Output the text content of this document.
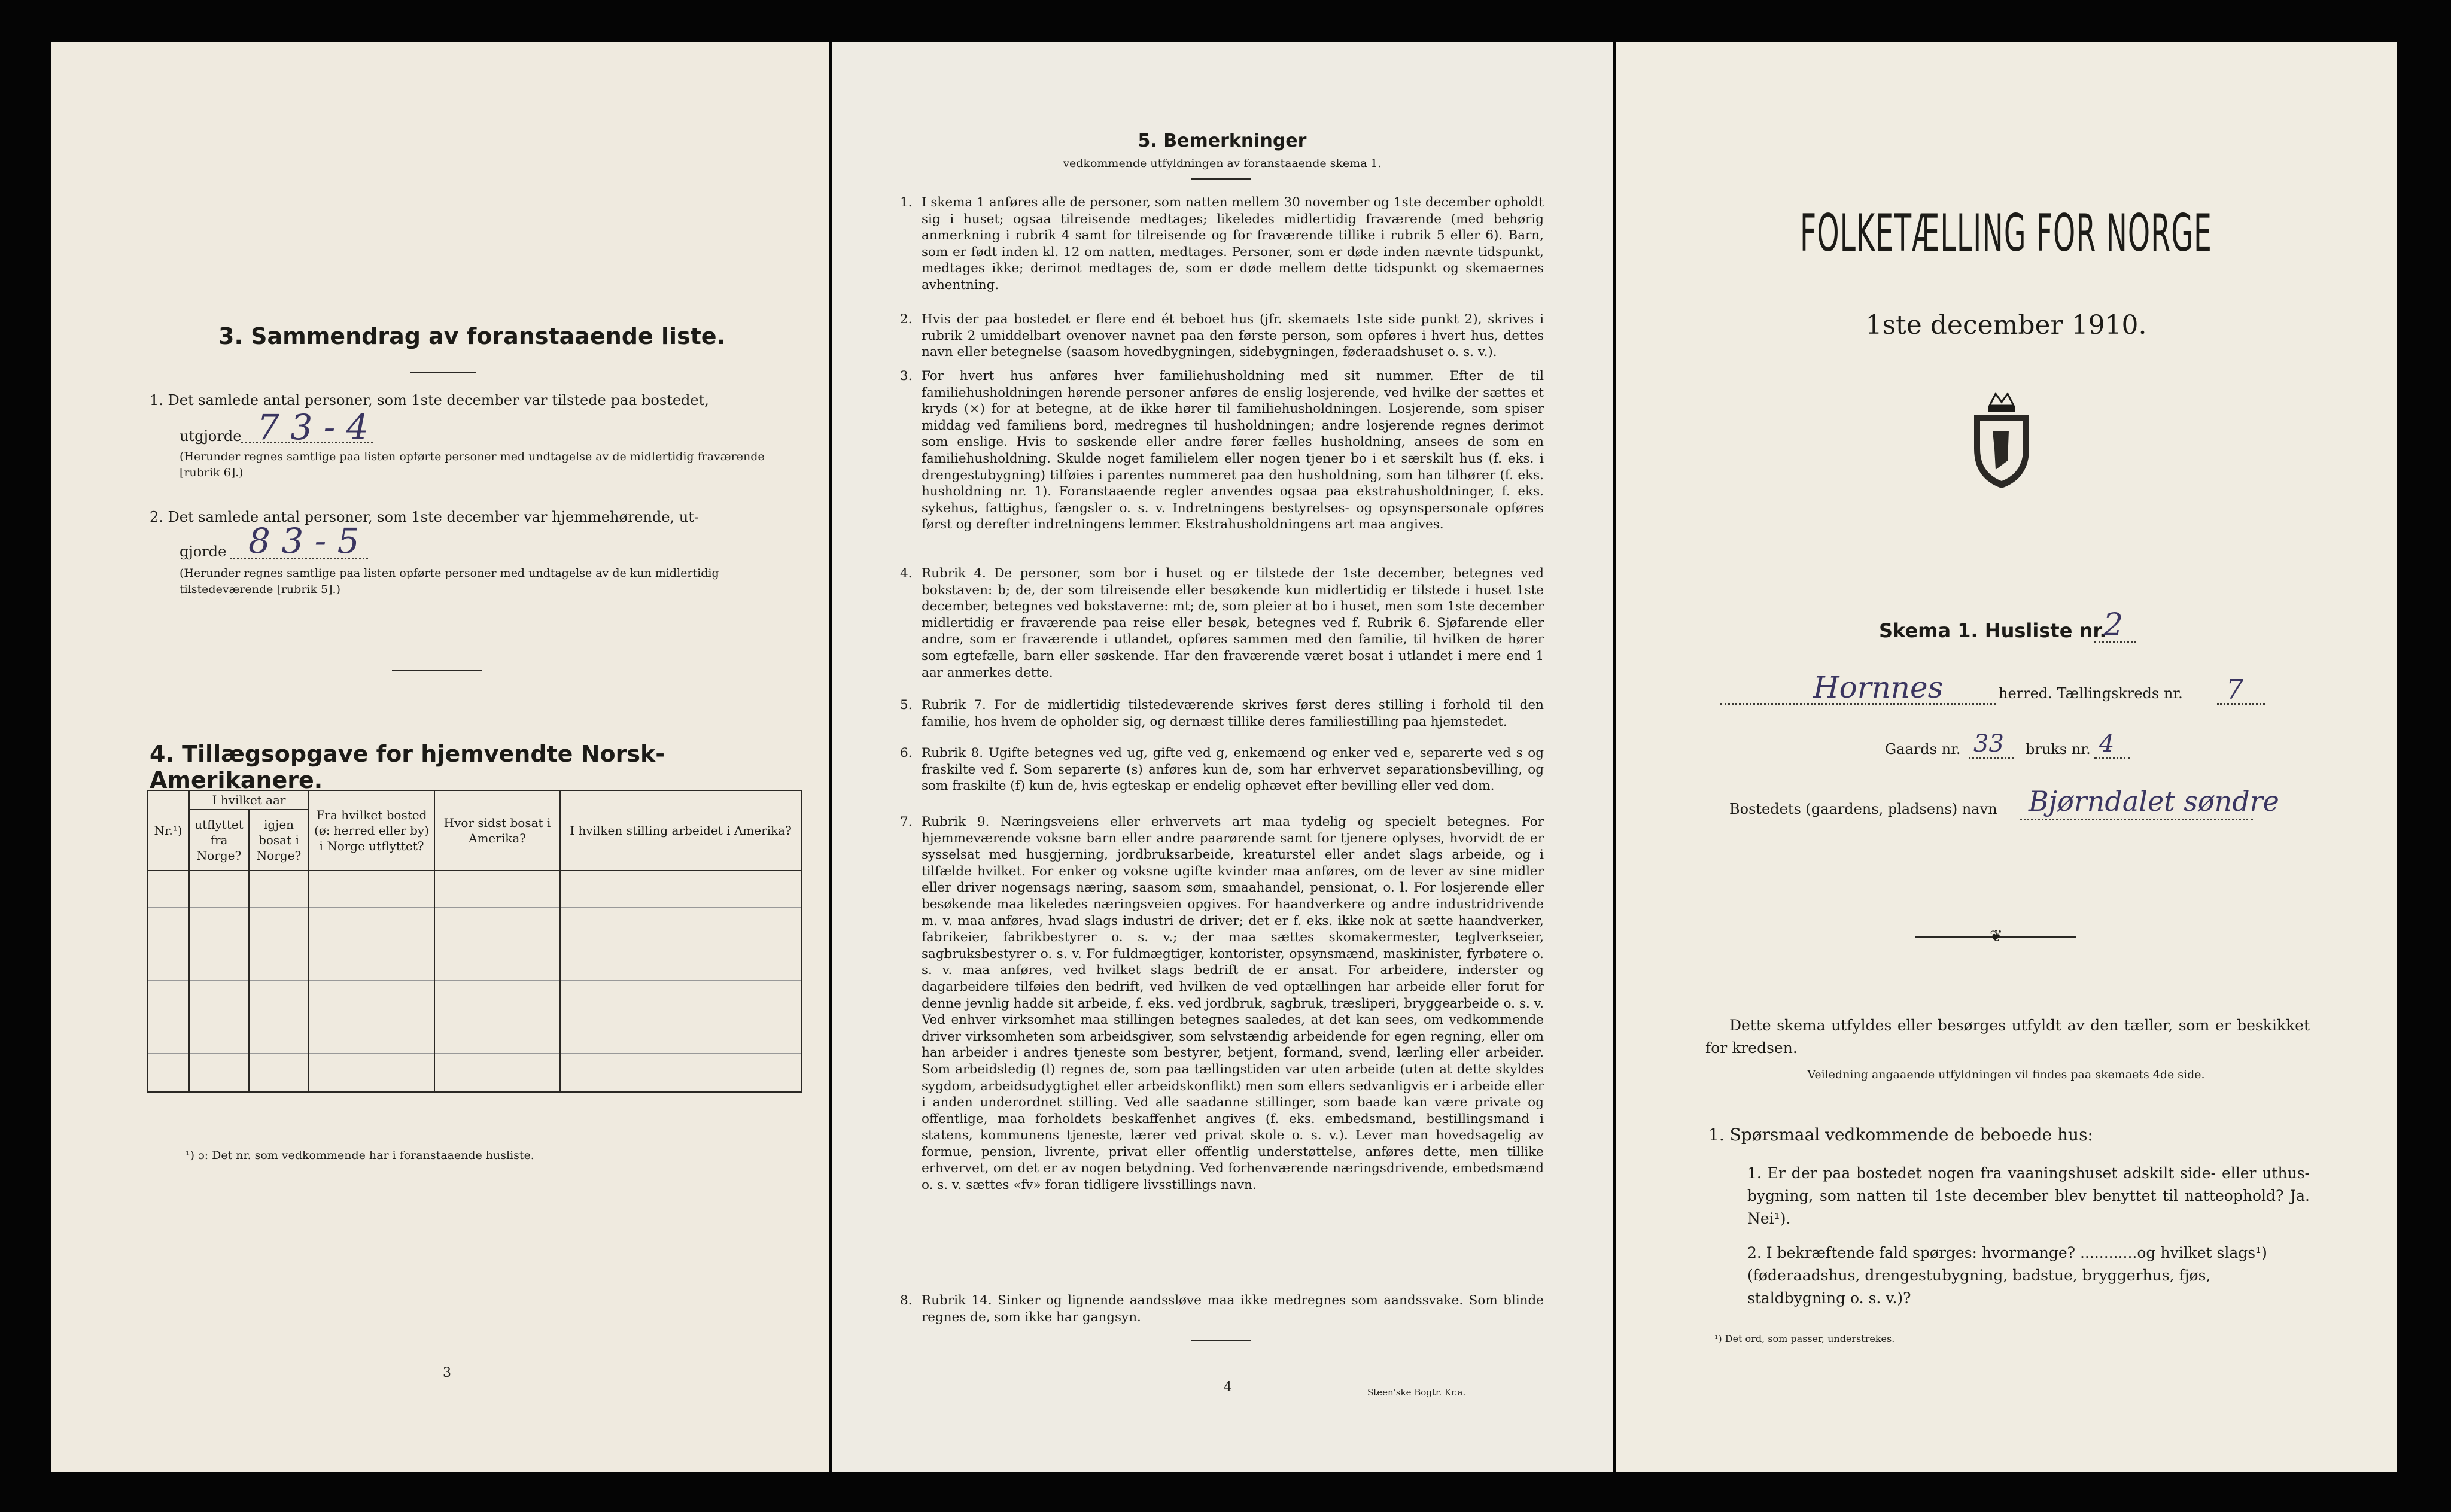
3. Sammendrag av foranstaaende liste.
1. Det samlede antal personer, som 1ste december var tilstede paa bostedet,
utgjorde 7 3 - 4
(Herunder regnes samtlige paa listen opførte personer med undtagelse av de midlertidig fraværende [rubrik 6].)
2. Det samlede antal personer, som 1ste december var hjemmehørende, ut-
gjorde 8 3 - 5
(Herunder regnes samtlige paa listen opførte personer med undtagelse av de kun midlertidig tilstedeværende [rubrik 5].)
4. Tillægsopgave for hjemvendte Norsk-Amerikanere.
Nr.¹)	I hvilket aar		Fra hvilket bosted (ø: herred eller by) i Norge utflyttet?	Hvor sidst bosat i Amerika?	I hvilken stilling arbeidet i Amerika?
	utflyttet fra Norge?	igjen bosat i Norge?			

¹) ɔ: Det nr. som vedkommende har i foranstaaende husliste.
3
5. Bemerkninger
vedkommende utfyldningen av foranstaaende skema 1.
1. I skema 1 anføres alle de personer, som natten mellem 30 november og 1ste december opholdt sig i huset; ogsaa tilreisende medtages; likeledes midlertidig fraværende (med behørig anmerkning i rubrik 4 samt for tilreisende og for fraværende tillike i rubrik 5 eller 6). Barn, som er født inden kl. 12 om natten, medtages. Personer, som er døde inden nævnte tidspunkt, medtages ikke; derimot medtages de, som er døde mellem dette tidspunkt og skemaernes avhentning.
2. Hvis der paa bostedet er flere end ét beboet hus (jfr. skemaets 1ste side punkt 2), skrives i rubrik 2 umiddelbart ovenover navnet paa den første person, som opføres i hvert hus, dettes navn eller betegnelse (saasom hovedbygningen, sidebygningen, føderaadshuset o. s. v.).
3. For hvert hus anføres hver familiehusholdning med sit nummer. Efter de til familiehusholdningen hørende personer anføres de enslig losjerende, ved hvilke der sættes et kryds (×) for at betegne, at de ikke hører til familiehusholdningen. Losjerende, som spiser middag ved familiens bord, medregnes til husholdningen; andre losjerende regnes derimot som enslige. Hvis to søskende eller andre fører fælles husholdning, ansees de som en familiehusholdning. Skulde noget familielem eller nogen tjener bo i et særskilt hus (f. eks. i drengestubygning) tilføies i parentes nummeret paa den husholdning, som han tilhører (f. eks. husholdning nr. 1). Foranstaaende regler anvendes ogsaa paa ekstrahusholdninger, f. eks. sykehus, fattighus, fængsler o. s. v. Indretningens bestyrelses- og opsynspersonale opføres først og derefter indretningens lemmer. Ekstrahusholdningens art maa angives.
4. Rubrik 4. De personer, som bor i huset og er tilstede der 1ste december, betegnes ved bokstaven: b; de, der som tilreisende eller besøkende kun midlertidig er tilstede i huset 1ste december, betegnes ved bokstaverne: mt; de, som pleier at bo i huset, men som 1ste december midlertidig er fraværende paa reise eller besøk, betegnes ved f. Rubrik 6. Sjøfarende eller andre, som er fraværende i utlandet, opføres sammen med den familie, til hvilken de hører som egtefælle, barn eller søskende. Har den fraværende været bosat i utlandet i mere end 1 aar anmerkes dette.
5. Rubrik 7. For de midlertidig tilstedeværende skrives først deres stilling i forhold til den familie, hos hvem de opholder sig, og dernæst tillike deres familiestilling paa hjemstedet.
6. Rubrik 8. Ugifte betegnes ved ug, gifte ved g, enkemænd og enker ved e, separerte ved s og fraskilte ved f. Som separerte (s) anføres kun de, som har erhvervet separationsbevilling, og som fraskilte (f) kun de, hvis egteskap er endelig ophævet efter bevilling eller ved dom.
7. Rubrik 9. Næringsveiens eller erhvervets art maa tydelig og specielt betegnes. For hjemmeværende voksne barn eller andre paarørende samt for tjenere oplyses, hvorvidt de er sysselsat med husgjerning, jordbruksarbeide, kreaturstel eller andet slags arbeide, og i tilfælde hvilket. For enker og voksne ugifte kvinder maa anføres, om de lever av sine midler eller driver nogensags næring, saasom søm, smaahandel, pensionat, o. l. For losjerende eller besøkende maa likeledes næringsveien opgives. For haandverkere og andre industridrivende m. v. maa anføres, hvad slags industri de driver; det er f. eks. ikke nok at sætte haandverker, fabrikeier, fabrikbestyrer o. s. v.; der maa sættes skomakermester, teglverkseier, sagbruksbestyrer o. s. v. For fuldmægtiger, kontorister, opsynsmænd, maskinister, fyrbøtere o. s. v. maa anføres, ved hvilket slags bedrift de er ansat. For arbeidere, inderster og dagarbeidere tilføies den bedrift, ved hvilken de ved optællingen har arbeide eller forut for denne jevnlig hadde sit arbeide, f. eks. ved jordbruk, sagbruk, træsliperi, bryggearbeide o. s. v. Ved enhver virksomhet maa stillingen betegnes saaledes, at det kan sees, om vedkommende driver virksomheten som arbeidsgiver, som selvstændig arbeidende for egen regning, eller om han arbeider i andres tjeneste som bestyrer, betjent, formand, svend, lærling eller arbeider. Som arbeidsledig (l) regnes de, som paa tællingstiden var uten arbeide (uten at dette skyldes sygdom, arbeidsudygtighet eller arbeidskonflikt) men som ellers sedvanligvis er i arbeide eller i anden underordnet stilling. Ved alle saadanne stillinger, som baade kan være private og offentlige, maa forholdets beskaffenhet angives (f. eks. embedsmand, bestillingsmand i statens, kommunens tjeneste, lærer ved privat skole o. s. v.). Lever man hovedsagelig av formue, pension, livrente, privat eller offentlig understøttelse, anføres dette, men tillike erhvervet, om det er av nogen betydning. Ved forhenværende næringsdrivende, embedsmænd o. s. v. sættes «fv» foran tidligere livsstillings navn.
8. Rubrik 14. Sinker og lignende aandssløve maa ikke medregnes som aandssvake. Som blinde regnes de, som ikke har gangsyn.
4	Steen'ske Bogtr. Kr.a.
FOLKETÆLLING FOR NORGE
1ste december 1910.
Skema 1. Husliste nr.
2
Hornnes	herred. Tællingskreds nr. 7
Gaards nr. 33 bruks nr. 4
Bostedets (gaardens, pladsens) navn Bjørndalet søndre
❦
Dette skema utfyldes eller besørges utfyldt av den tæller, som er beskikket for kredsen.
Veiledning angaaende utfyldningen vil findes paa skemaets 4de side.
1. Spørsmaal vedkommende de beboede hus:
1. Er der paa bostedet nogen fra vaaningshuset adskilt side- eller uthus-bygning, som natten til 1ste december blev benyttet til natteophold? Ja. Nei¹).
2. I bekræftende fald spørges: hvormange? ............og hvilket slags¹) (føderaadshus, drengestubygning, badstue, bryggerhus, fjøs, staldbygning o. s. v.)?
¹) Det ord, som passer, understrekes.
